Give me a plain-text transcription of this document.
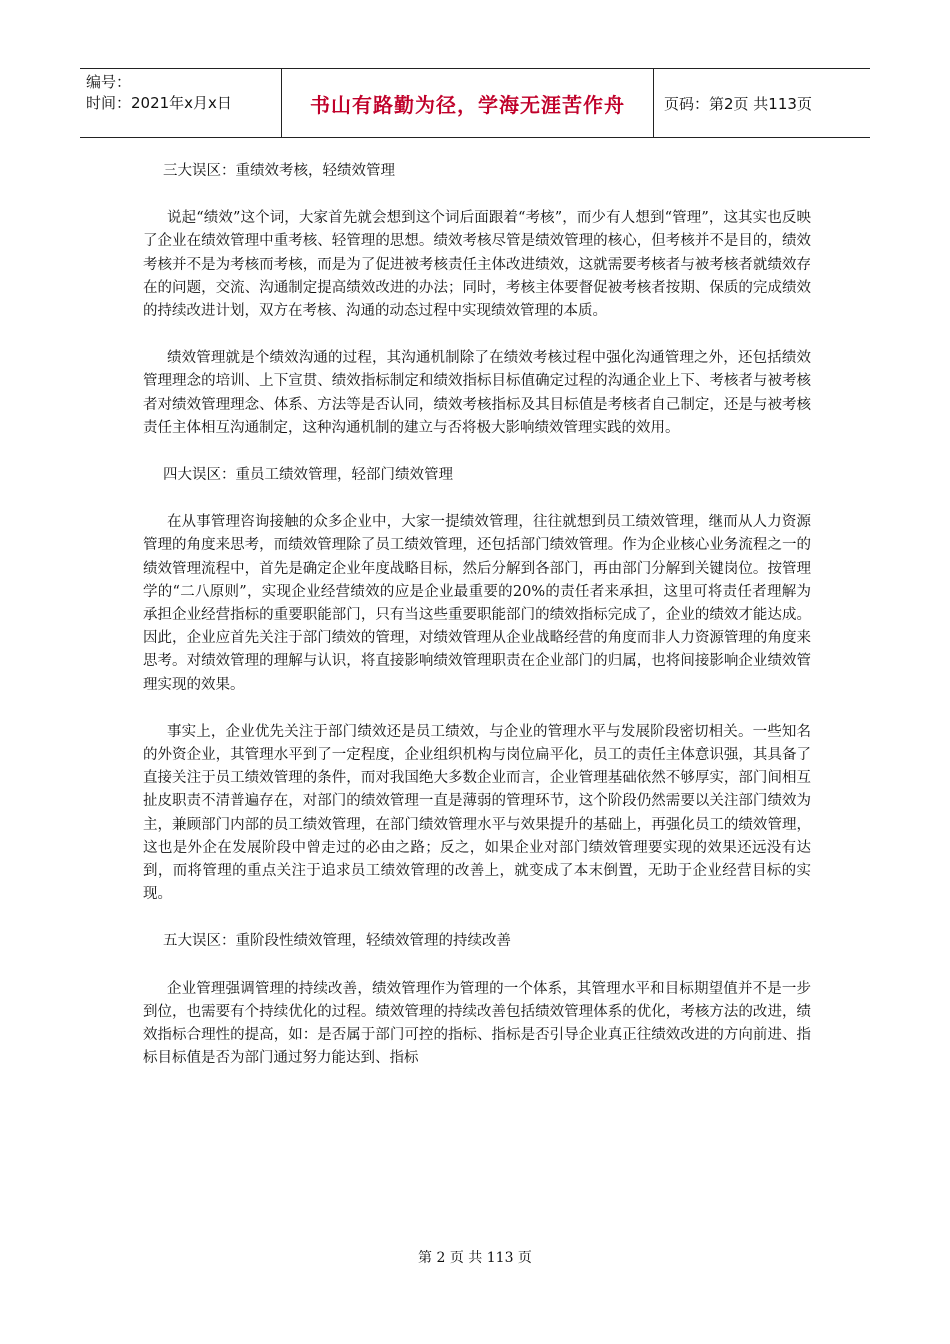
编号：
时间：2021年x月x日	书山有路勤为径，学海无涯苦作舟	页码：第2页 共113页

三大误区：重绩效考核，轻绩效管理

说起“绩效”这个词，大家首先就会想到这个词后面跟着“考核”，而少有人想到“管理”，这其实也反映了企业在绩效管理中重考核、轻管理的思想。绩效考核尽管是绩效管理的核心，但考核并不是目的，绩效考核并不是为考核而考核，而是为了促进被考核责任主体改进绩效，这就需要考核者与被考核者就绩效存在的问题，交流、沟通制定提高绩效改进的办法；同时，考核主体要督促被考核者按期、保质的完成绩效的持续改进计划，双方在考核、沟通的动态过程中实现绩效管理的本质。

绩效管理就是个绩效沟通的过程，其沟通机制除了在绩效考核过程中强化沟通管理之外，还包括绩效管理理念的培训、上下宣贯、绩效指标制定和绩效指标目标值确定过程的沟通企业上下、考核者与被考核者对绩效管理理念、体系、方法等是否认同，绩效考核指标及其目标值是考核者自己制定，还是与被考核责任主体相互沟通制定，这种沟通机制的建立与否将极大影响绩效管理实践的效用。

四大误区：重员工绩效管理，轻部门绩效管理

在从事管理咨询接触的众多企业中，大家一提绩效管理，往往就想到员工绩效管理，继而从人力资源管理的角度来思考，而绩效管理除了员工绩效管理，还包括部门绩效管理。作为企业核心业务流程之一的绩效管理流程中，首先是确定企业年度战略目标，然后分解到各部门，再由部门分解到关键岗位。按管理学的“二八原则”，实现企业经营绩效的应是企业最重要的20%的责任者来承担，这里可将责任者理解为承担企业经营指标的重要职能部门，只有当这些重要职能部门的绩效指标完成了，企业的绩效才能达成。因此，企业应首先关注于部门绩效的管理，对绩效管理从企业战略经营的角度而非人力资源管理的角度来思考。对绩效管理的理解与认识，将直接影响绩效管理职责在企业部门的归属，也将间接影响企业绩效管理实现的效果。

事实上，企业优先关注于部门绩效还是员工绩效，与企业的管理水平与发展阶段密切相关。一些知名的外资企业，其管理水平到了一定程度，企业组织机构与岗位扁平化，员工的责任主体意识强，其具备了直接关注于员工绩效管理的条件，而对我国绝大多数企业而言，企业管理基础依然不够厚实，部门间相互扯皮职责不清普遍存在，对部门的绩效管理一直是薄弱的管理环节，这个阶段仍然需要以关注部门绩效为主，兼顾部门内部的员工绩效管理，在部门绩效管理水平与效果提升的基础上，再强化员工的绩效管理，这也是外企在发展阶段中曾走过的必由之路；反之，如果企业对部门绩效管理要实现的效果还远没有达到，而将管理的重点关注于追求员工绩效管理的改善上，就变成了本末倒置，无助于企业经营目标的实现。

五大误区：重阶段性绩效管理，轻绩效管理的持续改善

企业管理强调管理的持续改善，绩效管理作为管理的一个体系，其管理水平和目标期望值并不是一步到位，也需要有个持续优化的过程。绩效管理的持续改善包括绩效管理体系的优化，考核方法的改进，绩效指标合理性的提高，如：是否属于部门可控的指标、指标是否引导企业真正往绩效改进的方向前进、指标目标值是否为部门通过努力能达到、指标

第 2 页 共 113 页
